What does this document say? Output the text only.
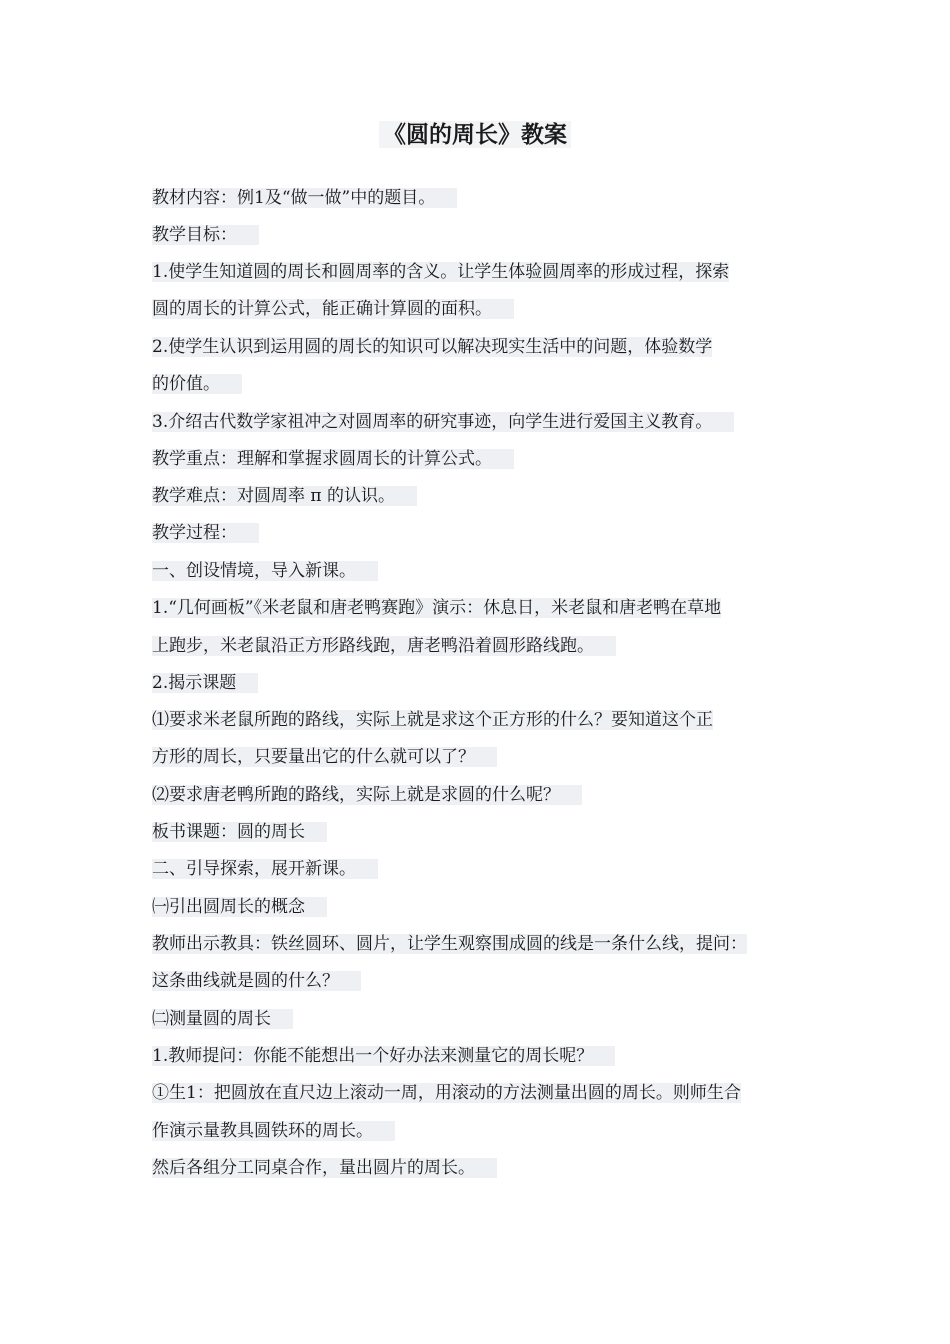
《圆的周长》教案
教材内容：例1及“做一做”中的题目。
教学目标：
1.使学生知道圆的周长和圆周率的含义。让学生体验圆周率的形成过程，探索
圆的周长的计算公式，能正确计算圆的面积。
2.使学生认识到运用圆的周长的知识可以解决现实生活中的问题，体验数学
的价值。
3.介绍古代数学家祖冲之对圆周率的研究事迹，向学生进行爱国主义教育。
教学重点：理解和掌握求圆周长的计算公式。
教学难点：对圆周率 π 的认识。
教学过程：
一、创设情境，导入新课。
1.“几何画板”《米老鼠和唐老鸭赛跑》演示：休息日，米老鼠和唐老鸭在草地
上跑步，米老鼠沿正方形路线跑，唐老鸭沿着圆形路线跑。
2.揭示课题
⑴要求米老鼠所跑的路线，实际上就是求这个正方形的什么？要知道这个正
方形的周长，只要量出它的什么就可以了？
⑵要求唐老鸭所跑的路线，实际上就是求圆的什么呢？
板书课题：圆的周长
二、引导探索，展开新课。
㈠引出圆周长的概念
教师出示教具：铁丝圆环、圆片，让学生观察围成圆的线是一条什么线，提问：
这条曲线就是圆的什么？
㈡测量圆的周长
1.教师提问：你能不能想出一个好办法来测量它的周长呢？
①生1：把圆放在直尺边上滚动一周，用滚动的方法测量出圆的周长。则师生合
作演示量教具圆铁环的周长。
然后各组分工同桌合作，量出圆片的周长。
